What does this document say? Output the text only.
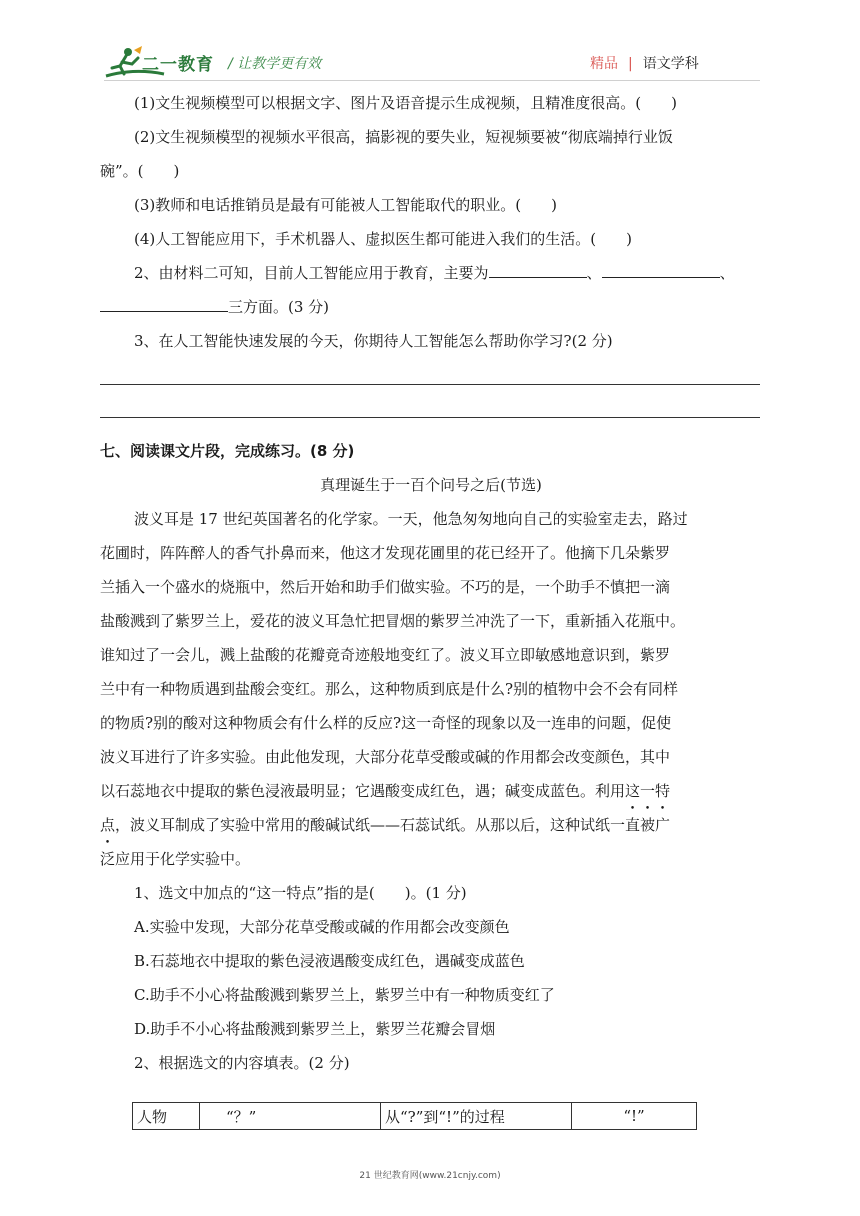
二一教育 / 让教学更有效	精品 | 语文学科

(1)文生视频模型可以根据文字、图片及语音提示生成视频，且精准度很高。(　　)

(2)文生视频模型的视频水平很高，搞影视的要失业，短视频要被“彻底端掉行业饭

碗”。(　　)

(3)教师和电话推销员是最有可能被人工智能取代的职业。(　　)

(4)人工智能应用下，手术机器人、虚拟医生都可能进入我们的生活。(　　)

2、由材料二可知，目前人工智能应用于教育，主要为	、	、

三方面。(3 分)

3、在人工智能快速发展的今天，你期待人工智能怎么帮助你学习?(2 分)

七、阅读课文片段，完成练习。(8 分)

真理诞生于一百个问号之后(节选)

波义耳是 17 世纪英国著名的化学家。一天，他急匆匆地向自己的实验室走去，路过

花圃时，阵阵醉人的香气扑鼻而来，他这才发现花圃里的花已经开了。他摘下几朵紫罗

兰插入一个盛水的烧瓶中，然后开始和助手们做实验。不巧的是，一个助手不慎把一滴

盐酸溅到了紫罗兰上，爱花的波义耳急忙把冒烟的紫罗兰冲洗了一下，重新插入花瓶中。

谁知过了一会儿，溅上盐酸的花瓣竟奇迹般地变红了。波义耳立即敏感地意识到，紫罗

兰中有一种物质遇到盐酸会变红。那么，这种物质到底是什么?别的植物中会不会有同样

的物质?别的酸对这种物质会有什么样的反应?这一奇怪的现象以及一连串的问题，促使

波义耳进行了许多实验。由此他发现，大部分花草受酸或碱的作用都会改变颜色，其中

以石蕊地衣中提取的紫色浸液最明显；它遇酸变成红色，遇；碱变成蓝色。利用这一特

点，波义耳制成了实验中常用的酸碱试纸——石蕊试纸。从那以后，这种试纸一直被广

泛应用于化学实验中。

1、选文中加点的“这一特点”指的是(　　)。(1 分)

A.实验中发现，大部分花草受酸或碱的作用都会改变颜色

B.石蕊地衣中提取的紫色浸液遇酸变成红色，遇碱变成蓝色

C.助手不小心将盐酸溅到紫罗兰上，紫罗兰中有一种物质变红了

D.助手不小心将盐酸溅到紫罗兰上，紫罗兰花瓣会冒烟

2、根据选文的内容填表。(2 分)

人物	“？”	从“?”到“!”的过程	“!”
21 世纪教育网(www.21cnjy.com)
